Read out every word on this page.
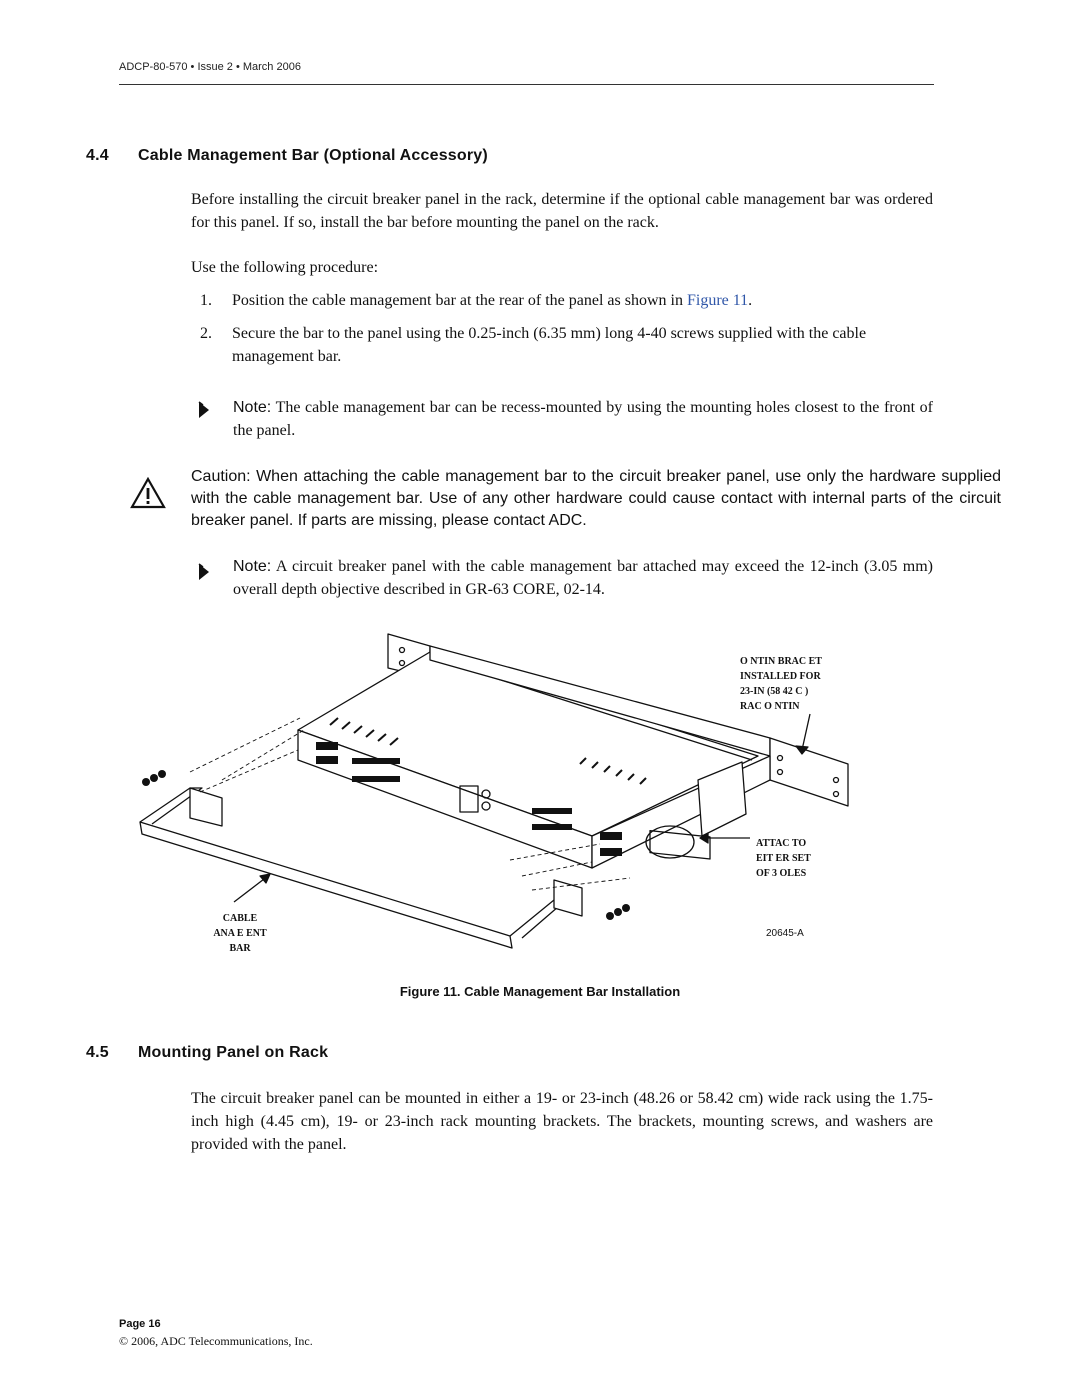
ADCP-80-570 • Issue 2 • March 2006
4.4 Cable Management Bar (Optional Accessory)
Before installing the circuit breaker panel in the rack, determine if the optional cable management bar was ordered for this panel. If so, install the bar before mounting the panel on the rack.
Use the following procedure:
1. Position the cable management bar at the rear of the panel as shown in Figure 11.
2. Secure the bar to the panel using the 0.25-inch (6.35 mm) long 4-40 screws supplied with the cable management bar.
Note: The cable management bar can be recess-mounted by using the mounting holes closest to the front of the panel.
Caution: When attaching the cable management bar to the circuit breaker panel, use only the hardware supplied with the cable management bar. Use of any other hardware could cause contact with internal parts of the circuit breaker panel. If parts are missing, please contact ADC.
Note: A circuit breaker panel with the cable management bar attached may exceed the 12-inch (3.05 mm) overall depth objective described in GR-63 CORE, 02-14.
O NTIN BRAC ET
INSTALLED FOR
23-IN (58 42 C )
RAC O NTIN
ATTAC TO
EIT ER SET
OF 3 OLES
CABLE
ANA E ENT
BAR
20645-A
Figure 11. Cable Management Bar Installation
4.5 Mounting Panel on Rack
The circuit breaker panel can be mounted in either a 19- or 23-inch (48.26 or 58.42 cm) wide rack using the 1.75-inch high (4.45 cm), 19- or 23-inch rack mounting brackets. The brackets, mounting screws, and washers are provided with the panel.
Page 16
© 2006, ADC Telecommunications, Inc.
